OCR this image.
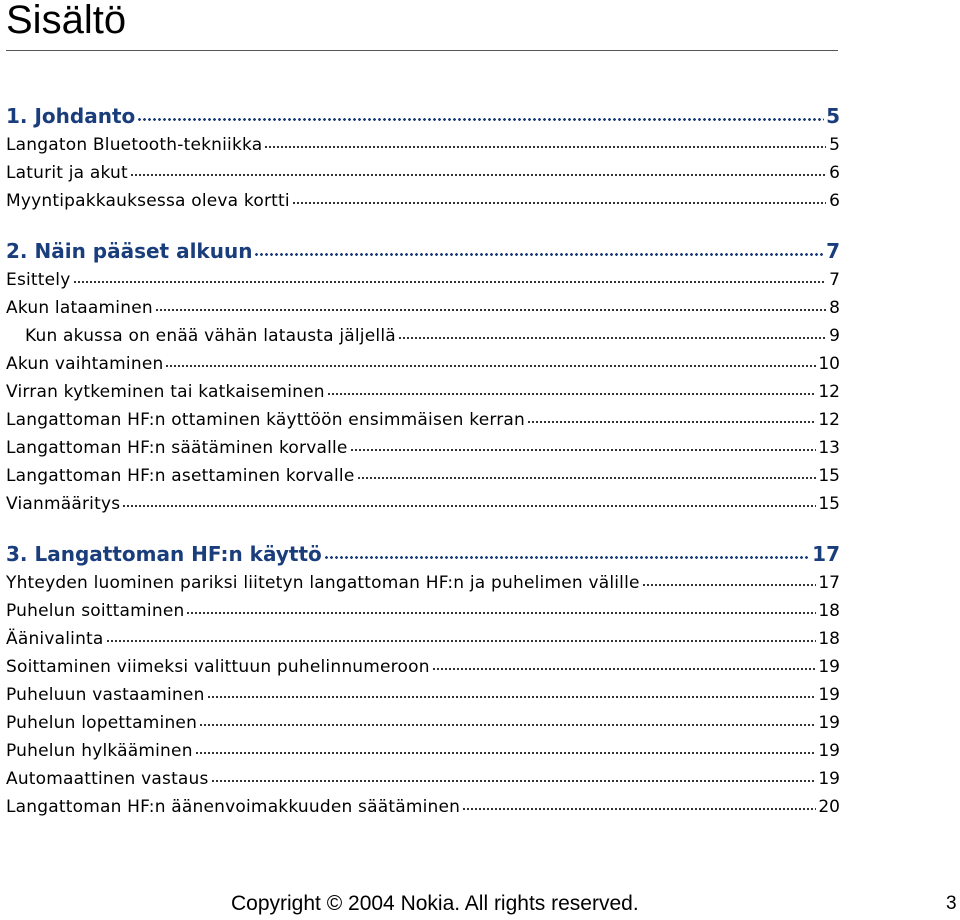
Sisältö
1. Johdanto	5
Langaton Bluetooth-tekniikka	5
Laturit ja akut	6
Myyntipakkauksessa oleva kortti	6
2. Näin pääset alkuun	7
Esittely	7
Akun lataaminen	8
Kun akussa on enää vähän latausta jäljellä	9
Akun vaihtaminen	10
Virran kytkeminen tai katkaiseminen	12
Langattoman HF:n ottaminen käyttöön ensimmäisen kerran	12
Langattoman HF:n säätäminen korvalle	13
Langattoman HF:n asettaminen korvalle	15
Vianmääritys	15
3. Langattoman HF:n käyttö	17
Yhteyden luominen pariksi liitetyn langattoman HF:n ja puhelimen välille	17
Puhelun soittaminen	18
Äänivalinta	18
Soittaminen viimeksi valittuun puhelinnumeroon	19
Puheluun vastaaminen	19
Puhelun lopettaminen	19
Puhelun hylkääminen	19
Automaattinen vastaus	19
Langattoman HF:n äänenvoimakkuuden säätäminen	20
Copyright © 2004 Nokia. All rights reserved.	3
